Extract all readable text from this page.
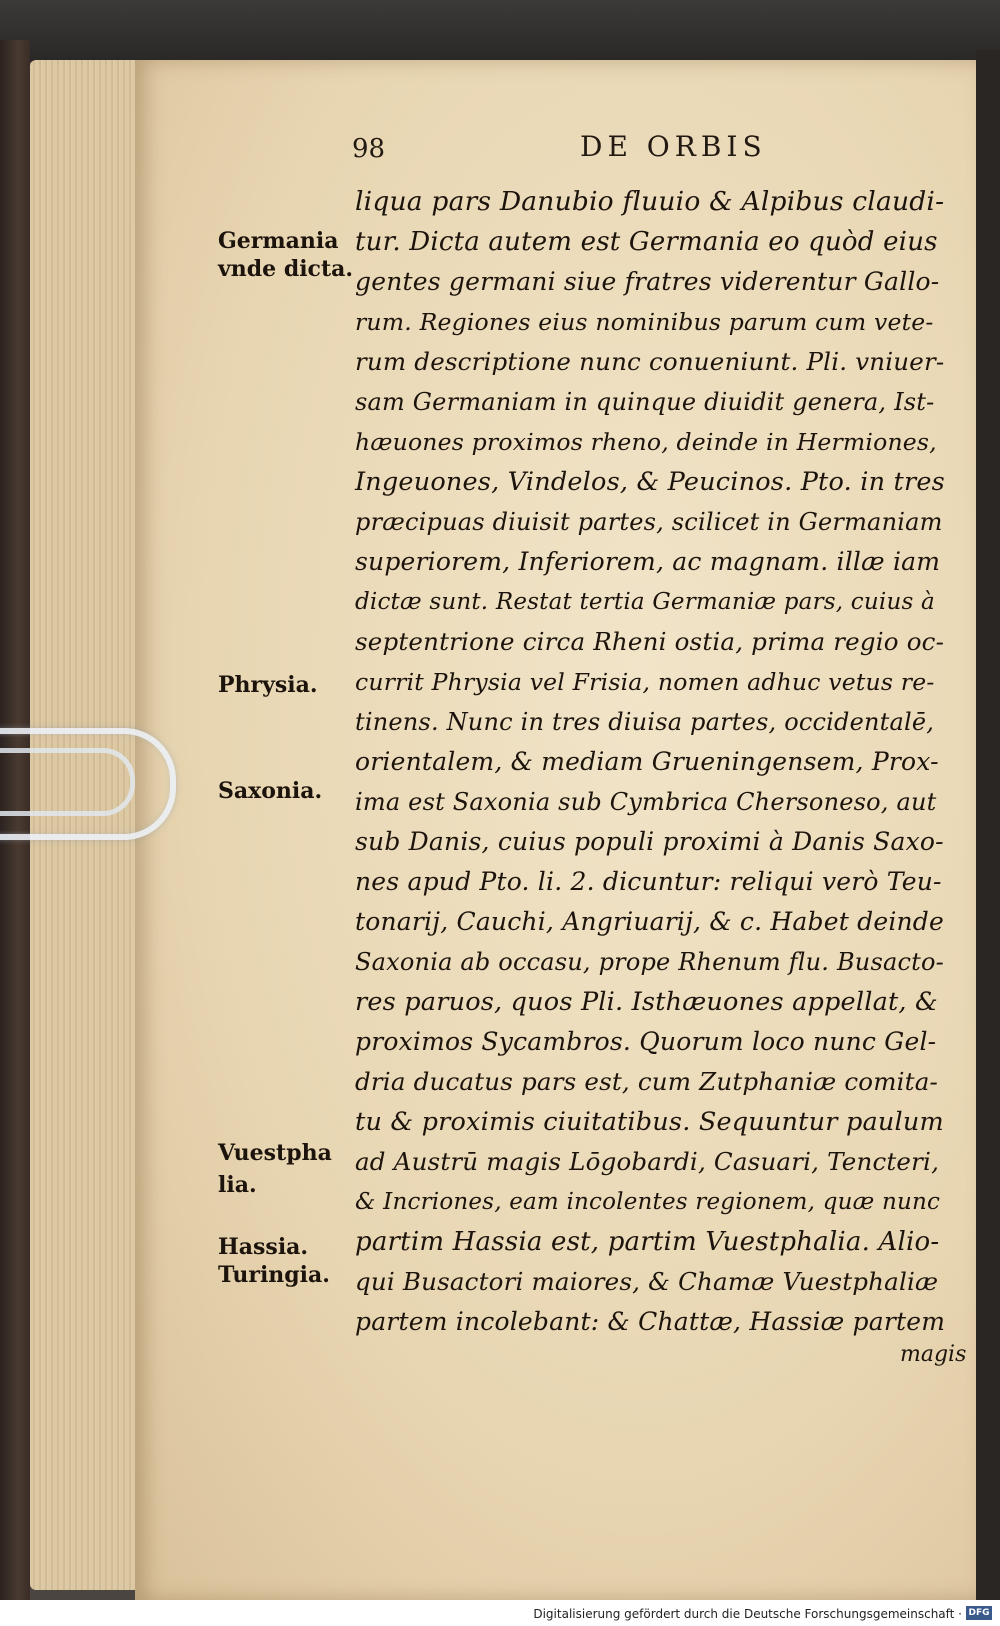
98	DE ORBIS
liqua pars Danubio fluuio & Alpibus claudi-
tur. Dicta autem est Germania eo quòd eius
gentes germani siue fratres viderentur Gallo-
rum. Regiones eius nominibus parum cum vete-
rum descriptione nunc conueniunt. Pli. vniuer-
sam Germaniam in quinque diuidit genera, Ist-
hæuones proximos rheno, deinde in Hermiones,
Ingeuones, Vindelos, & Peucinos. Pto. in tres
præcipuas diuisit partes, scilicet in Germaniam
superiorem, Inferiorem, ac magnam. illæ iam
dictæ sunt. Restat tertia Germaniæ pars, cuius à
septentrione circa Rheni ostia, prima regio oc-
currit Phrysia vel Frisia, nomen adhuc vetus re-
tinens. Nunc in tres diuisa partes, occidentalē,
orientalem, & mediam Grueningensem, Prox-
ima est Saxonia sub Cymbrica Chersoneso, aut
sub Danis, cuius populi proximi à Danis Saxo-
nes apud Pto. li. 2. dicuntur: reliqui verò Teu-
tonarij, Cauchi, Angriuarij, & c. Habet deinde
Saxonia ab occasu, prope Rhenum flu. Busacto-
res paruos, quos Pli. Isthæuones appellat, &
proximos Sycambros. Quorum loco nunc Gel-
dria ducatus pars est, cum Zutphaniæ comita-
tu & proximis ciuitatibus. Sequuntur paulum
ad Austrū magis Lōgobardi, Casuari, Tencteri,
& Incriones, eam incolentes regionem, quæ nunc
partim Hassia est, partim Vuestphalia. Alio-
qui Busactori maiores, & Chamæ Vuestphaliæ
partem incolebant: & Chattæ, Hassiæ partem
magis
Germania
vnde dicta.
Phrysia.
Saxonia.
Vuestpha
lia.
Hassia.
Turingia.
Digitalisierung gefördert durch die Deutsche Forschungsgemeinschaft · DFG
